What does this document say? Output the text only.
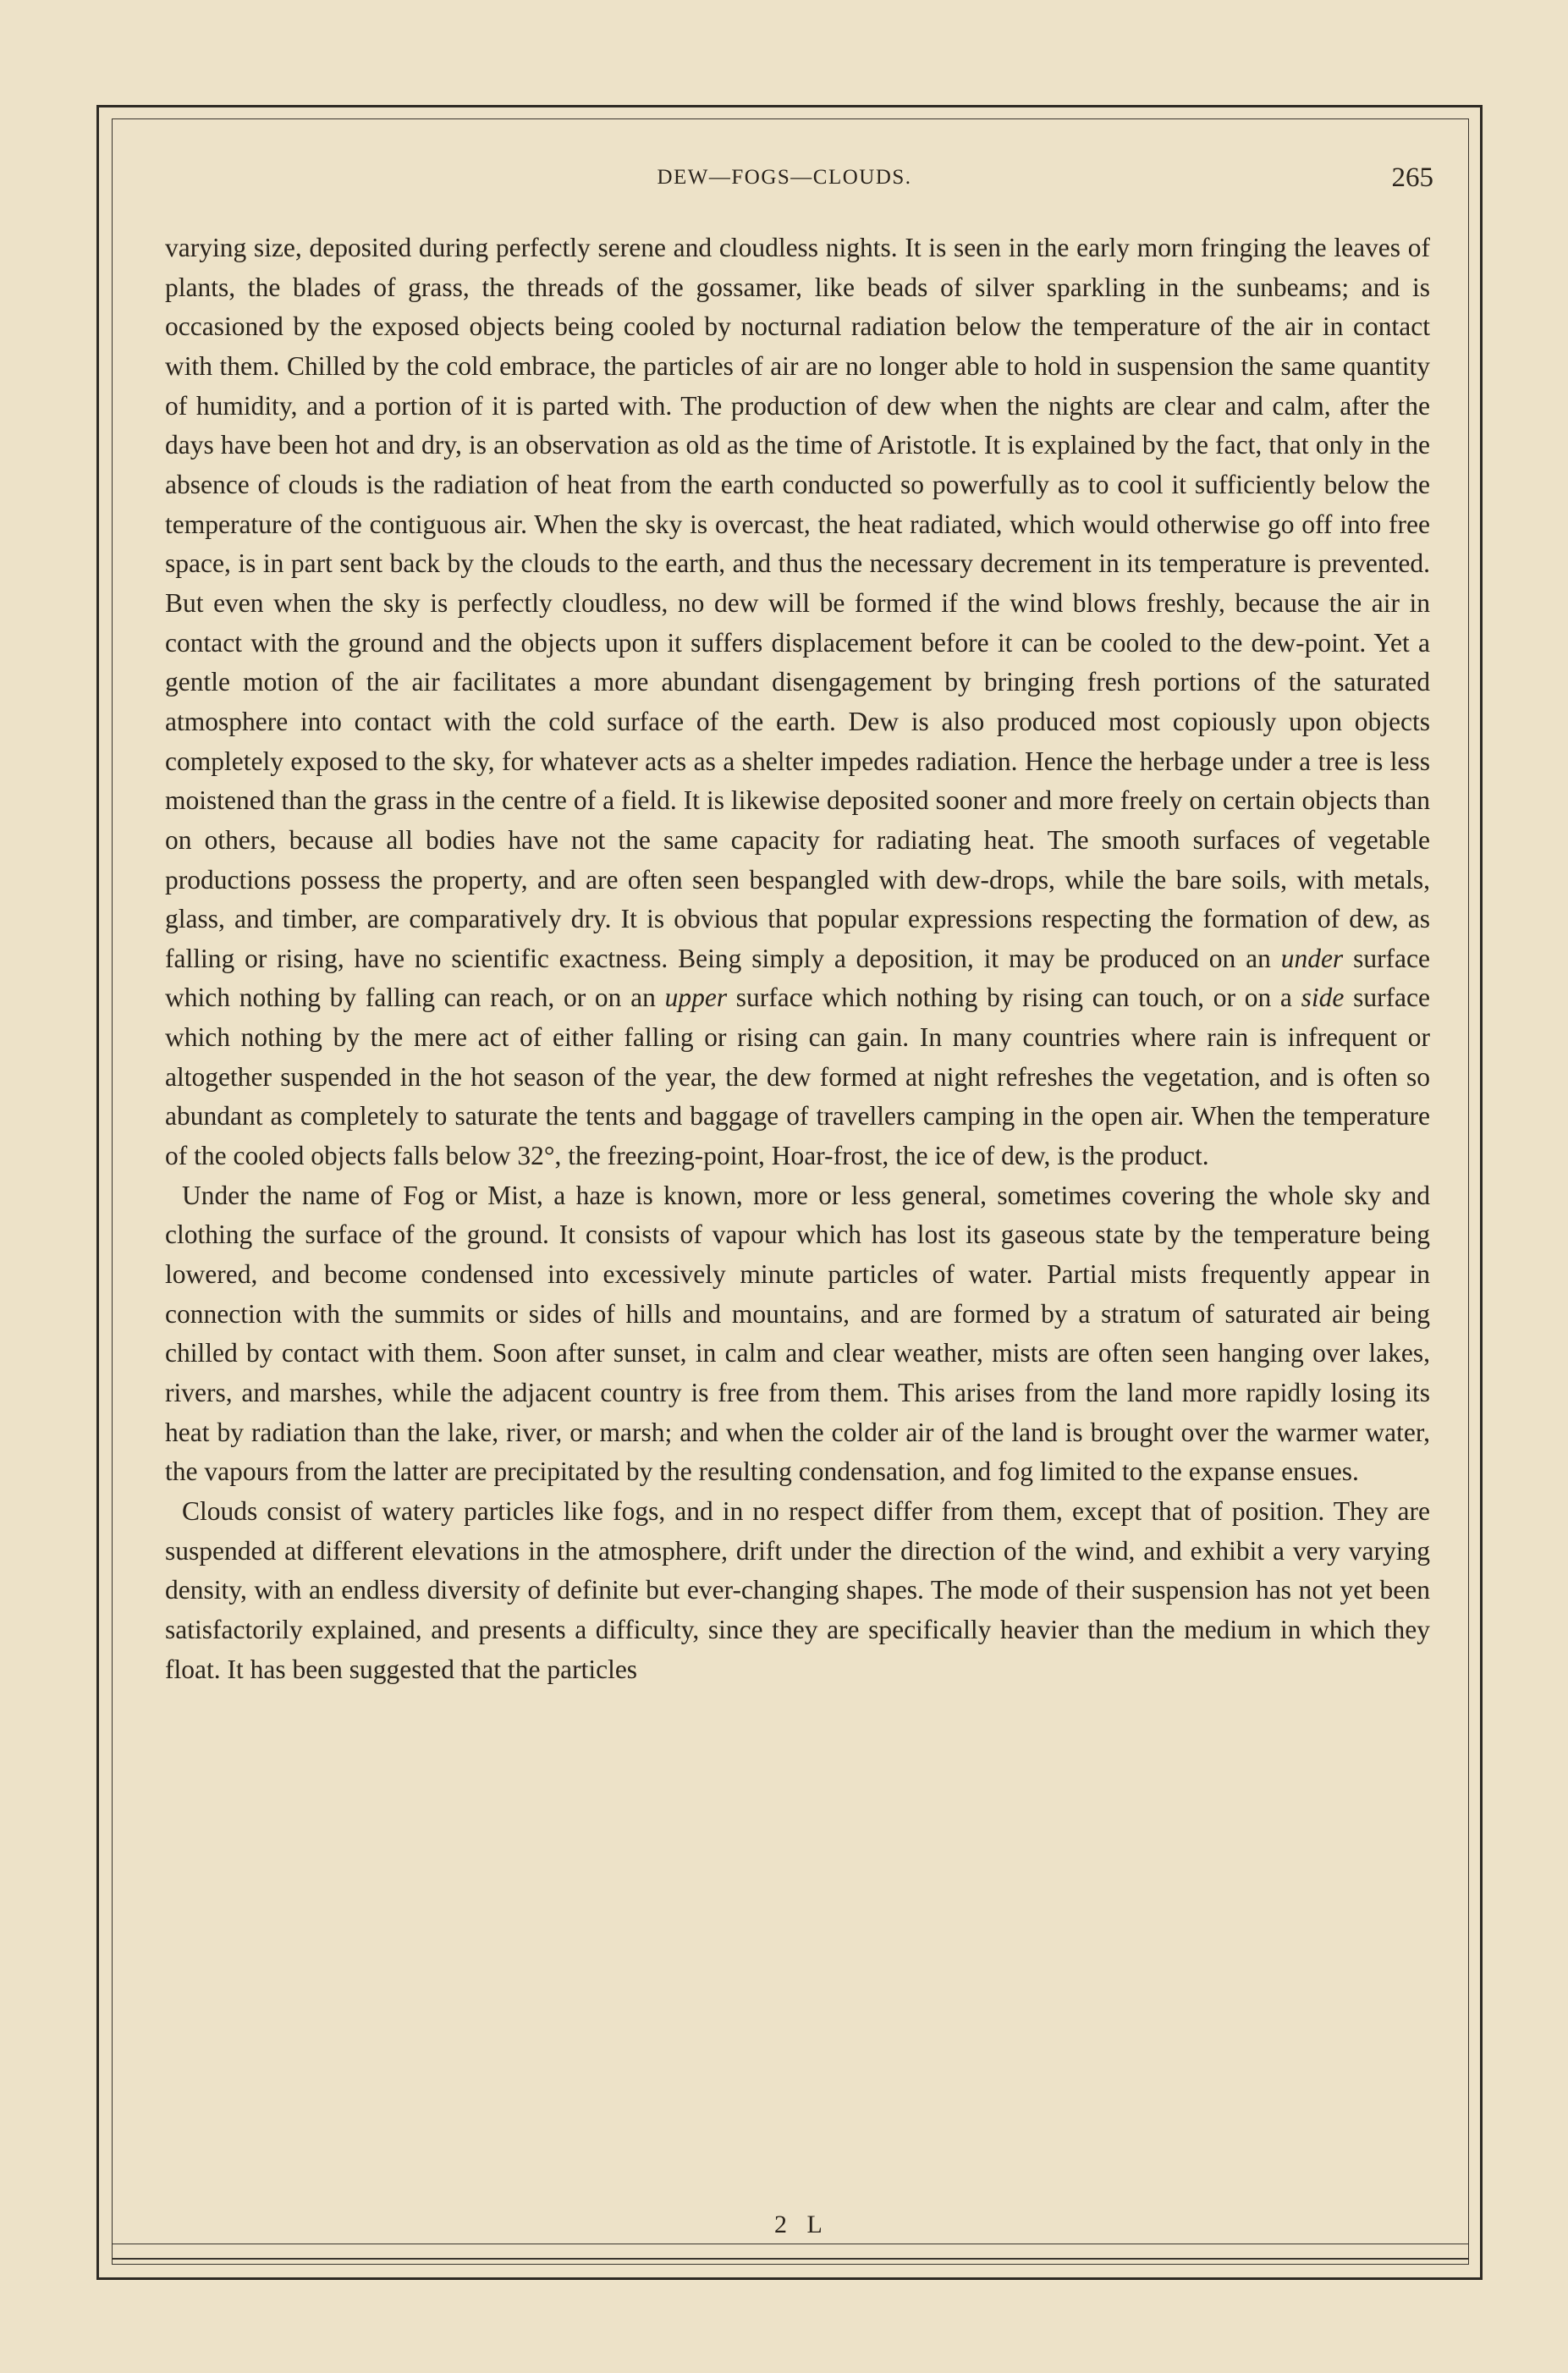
DEW—FOGS—CLOUDS.	265

varying size, deposited during perfectly serene and cloudless nights. It is seen in the early morn fringing the leaves of plants, the blades of grass, the threads of the gossamer, like beads of silver sparkling in the sunbeams; and is occasioned by the exposed objects being cooled by nocturnal radiation below the temperature of the air in contact with them. Chilled by the cold embrace, the particles of air are no longer able to hold in suspension the same quantity of humidity, and a portion of it is parted with. The production of dew when the nights are clear and calm, after the days have been hot and dry, is an observation as old as the time of Aristotle. It is explained by the fact, that only in the absence of clouds is the radiation of heat from the earth conducted so powerfully as to cool it sufficiently below the temperature of the contiguous air. When the sky is overcast, the heat radiated, which would otherwise go off into free space, is in part sent back by the clouds to the earth, and thus the necessary decrement in its temperature is prevented. But even when the sky is perfectly cloudless, no dew will be formed if the wind blows freshly, because the air in contact with the ground and the objects upon it suffers displacement before it can be cooled to the dew-point. Yet a gentle motion of the air facilitates a more abundant disengagement by bringing fresh portions of the saturated atmosphere into contact with the cold surface of the earth. Dew is also produced most copiously upon objects completely exposed to the sky, for whatever acts as a shelter impedes radiation. Hence the herbage under a tree is less moistened than the grass in the centre of a field. It is likewise deposited sooner and more freely on certain objects than on others, because all bodies have not the same capacity for radiating heat. The smooth surfaces of vegetable productions possess the property, and are often seen bespangled with dew-drops, while the bare soils, with metals, glass, and timber, are comparatively dry. It is obvious that popular expressions respecting the formation of dew, as falling or rising, have no scientific exactness. Being simply a deposition, it may be produced on an under surface which nothing by falling can reach, or on an upper surface which nothing by rising can touch, or on a side surface which nothing by the mere act of either falling or rising can gain. In many countries where rain is infrequent or altogether suspended in the hot season of the year, the dew formed at night refreshes the vegetation, and is often so abundant as completely to saturate the tents and baggage of travellers camping in the open air. When the temperature of the cooled objects falls below 32°, the freezing-point, Hoar-frost, the ice of dew, is the product.

Under the name of Fog or Mist, a haze is known, more or less general, sometimes covering the whole sky and clothing the surface of the ground. It consists of vapour which has lost its gaseous state by the temperature being lowered, and become condensed into excessively minute particles of water. Partial mists frequently appear in connection with the summits or sides of hills and mountains, and are formed by a stratum of saturated air being chilled by contact with them. Soon after sunset, in calm and clear weather, mists are often seen hanging over lakes, rivers, and marshes, while the adjacent country is free from them. This arises from the land more rapidly losing its heat by radiation than the lake, river, or marsh; and when the colder air of the land is brought over the warmer water, the vapours from the latter are precipitated by the resulting condensation, and fog limited to the expanse ensues.

Clouds consist of watery particles like fogs, and in no respect differ from them, except that of position. They are suspended at different elevations in the atmosphere, drift under the direction of the wind, and exhibit a very varying density, with an endless diversity of definite but ever-changing shapes. The mode of their suspension has not yet been satisfactorily explained, and presents a difficulty, since they are specifically heavier than the medium in which they float. It has been suggested that the particles

2 L
